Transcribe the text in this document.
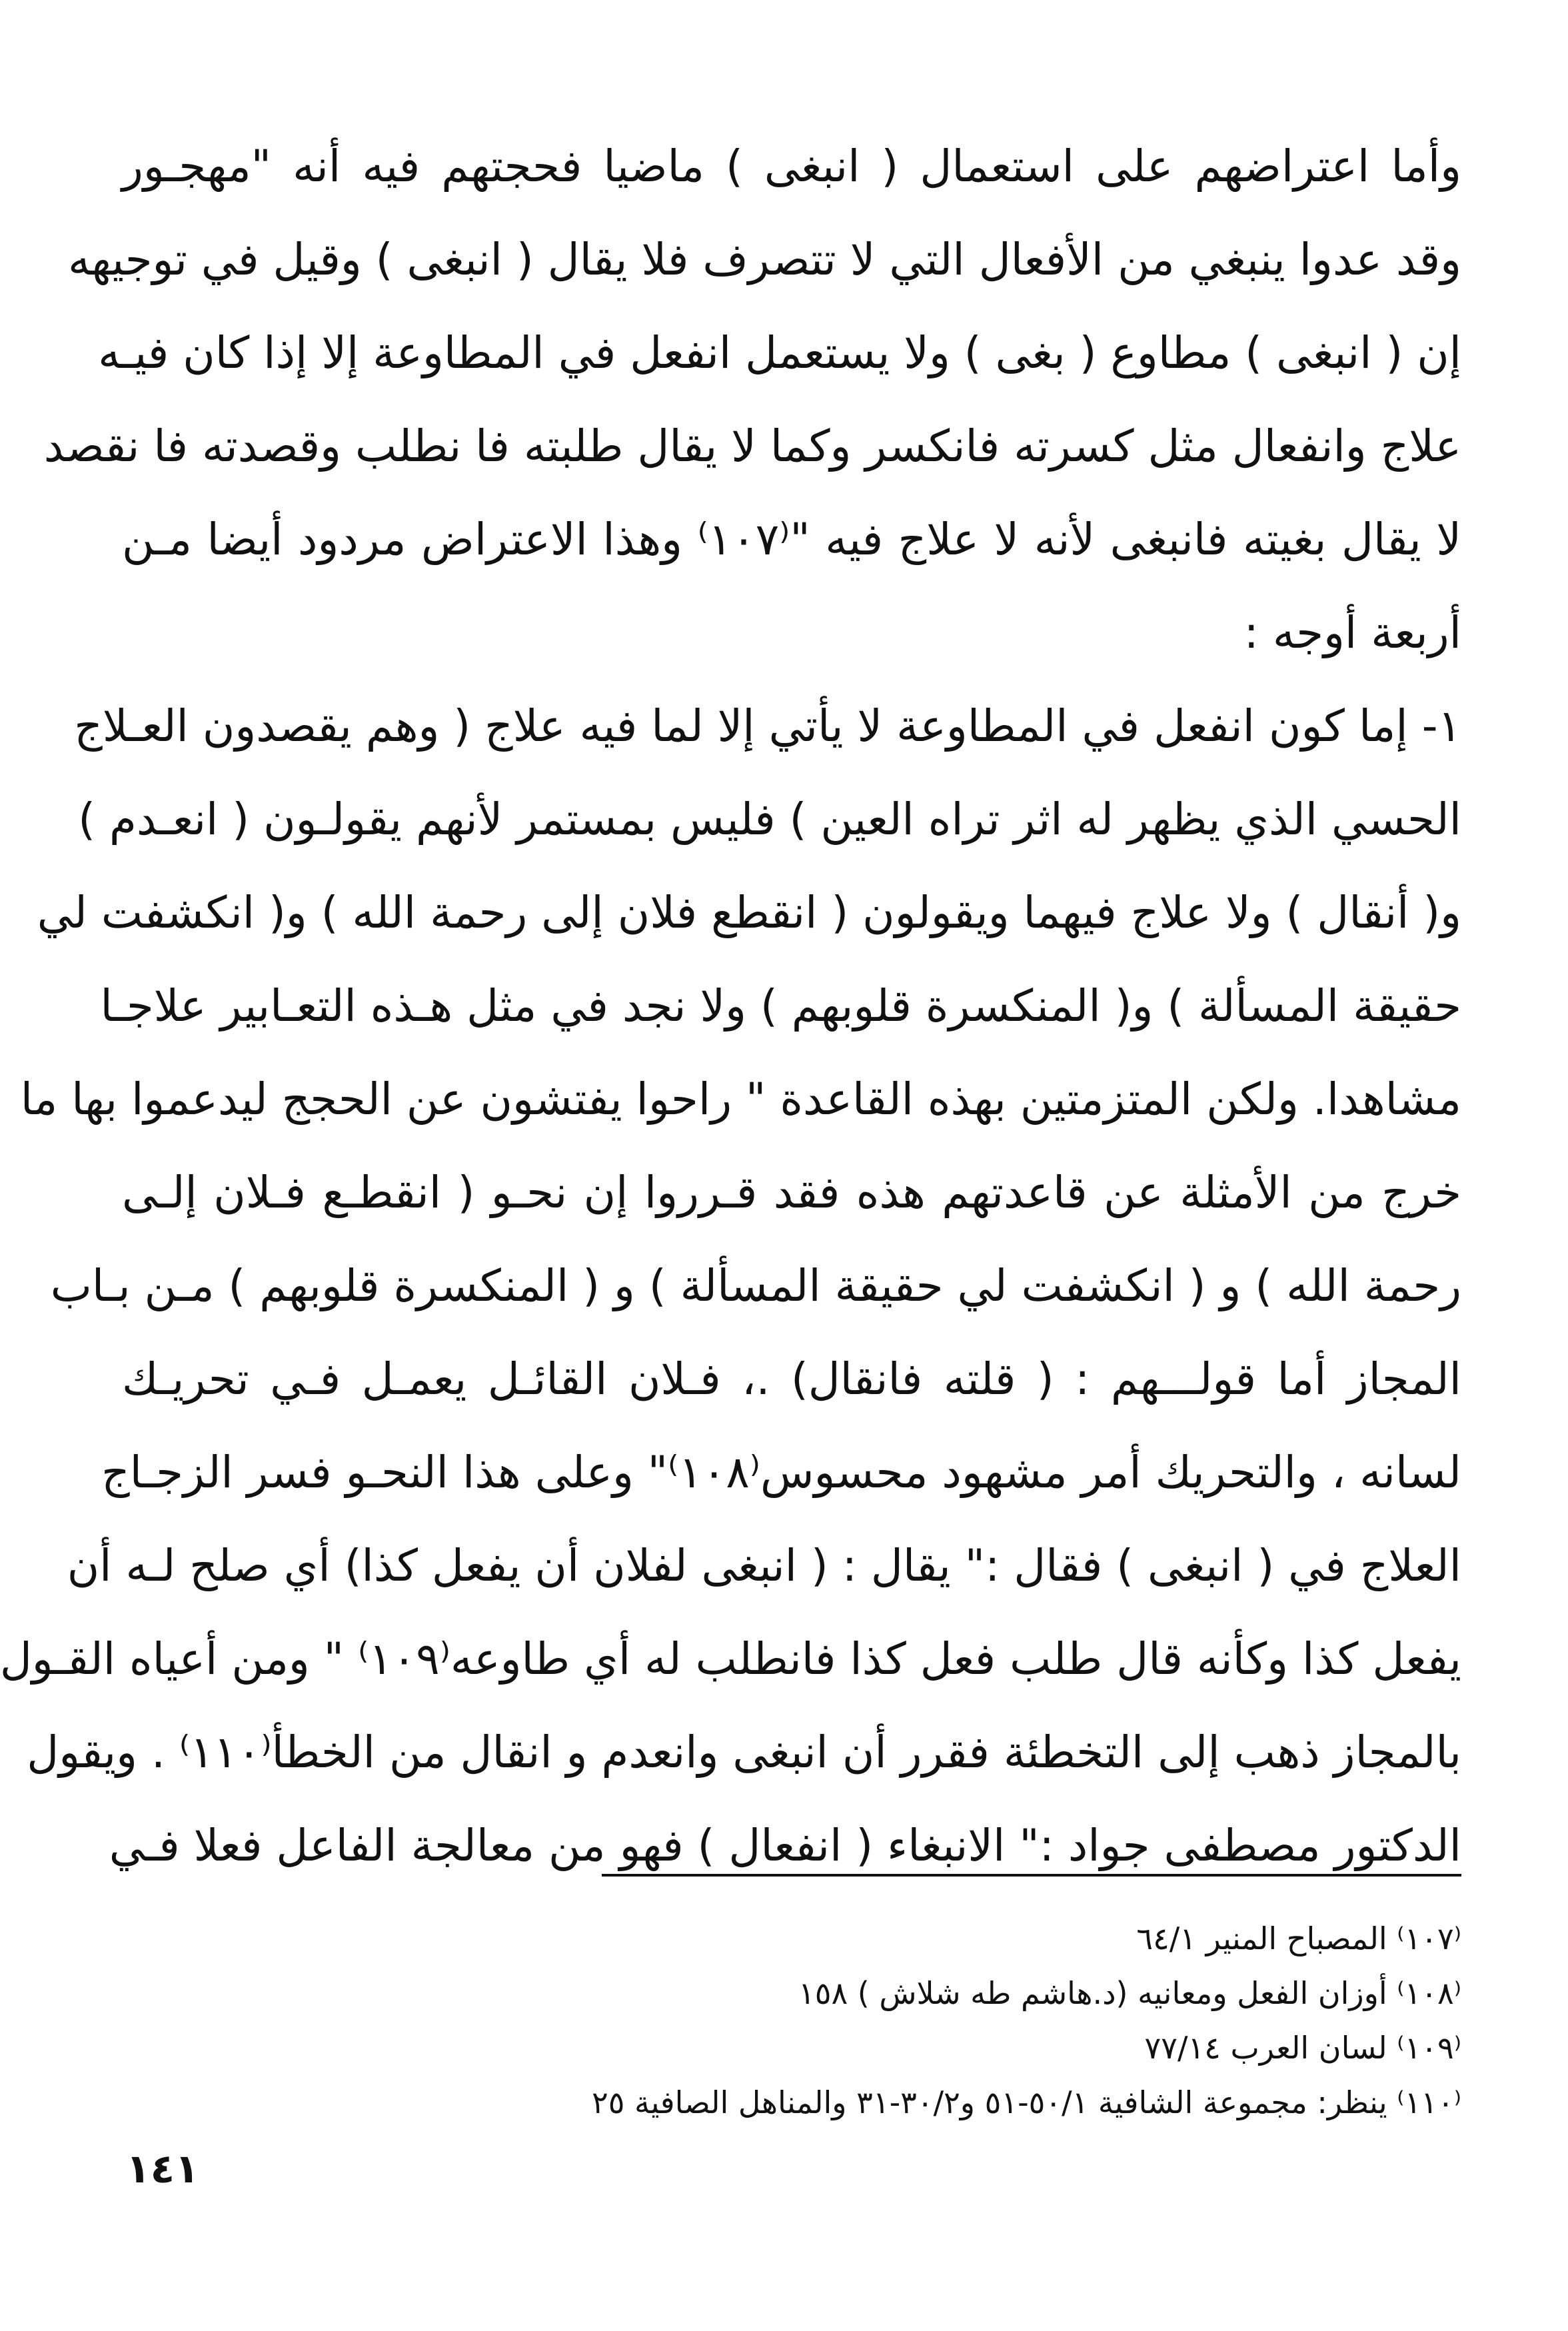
وأما اعتراضهم على استعمال ( انبغى ) ماضيا فحجتهم فيه أنه "مهجـور
وقد عدوا ينبغي من الأفعال التي لا تتصرف فلا يقال ( انبغى ) وقيل في توجيهه
إن ( انبغى ) مطاوع ( بغى ) ولا يستعمل انفعل في المطاوعة إلا إذا كان فيـه
علاج وانفعال مثل كسرته فانكسر وكما لا يقال طلبته فا نطلب وقصدته فا نقصد
لا يقال بغيته فانبغى لأنه لا علاج فيه "⁽١٠٧⁾ وهذا الاعتراض مردود أيضا مـن
أربعة أوجه :
١- إما كون انفعل في المطاوعة لا يأتي إلا لما فيه علاج ( وهم يقصدون العـلاج
الحسي الذي يظهر له اثر تراه العين ) فليس بمستمر لأنهم يقولـون ( انعـدم )
و( أنقال ) ولا علاج فيهما ويقولون ( انقطع فلان إلى رحمة الله ) و( انكشفت لي
حقيقة المسألة ) و( المنكسرة قلوبهم ) ولا نجد في مثل هـذه التعـابير علاجـا
مشاهدا. ولكن المتزمتين بهذه القاعدة " راحوا يفتشون عن الحجج ليدعموا بها ما
خرج من الأمثلة عن قاعدتهم هذه فقد قـرروا إن نحـو ( انقطـع فـلان إلـى
رحمة الله ) و ( انكشفت لي حقيقة المسألة ) و ( المنكسرة قلوبهم ) مـن بـاب
المجاز أما قولـــهم : ( قلته فانقال) .، فـلان القائـل يعمـل فـي تحريـك
لسانه ، والتحريك أمر مشهود محسوس⁽١٠٨⁾" وعلى هذا النحـو فسر الزجـاج
العلاج في ( انبغى ) فقال :" يقال : ( انبغى لفلان أن يفعل كذا) أي صلح لـه أن
يفعل كذا وكأنه قال طلب فعل كذا فانطلب له أي طاوعه⁽١٠٩⁾ " ومن أعياه القـول
بالمجاز ذهب إلى التخطئة فقرر أن انبغى وانعدم و انقال من الخطأ⁽١١٠⁾ . ويقول
الدكتور مصطفى جواد :" الانبغاء ( انفعال ) فهو من معالجة الفاعل فعلا فـي
⁽١٠٧⁾ المصباح المنير ٦٤/١
⁽١٠٨⁾ أوزان الفعل ومعانيه (د.هاشم طه شلاش ) ١٥٨
⁽١٠٩⁾ لسان العرب ٧٧/١٤
⁽١١٠⁾ ينظر: مجموعة الشافية ٥٠/١-٥١ و٣٠/٢-٣١ والمناهل الصافية ٢٥
١٤١
